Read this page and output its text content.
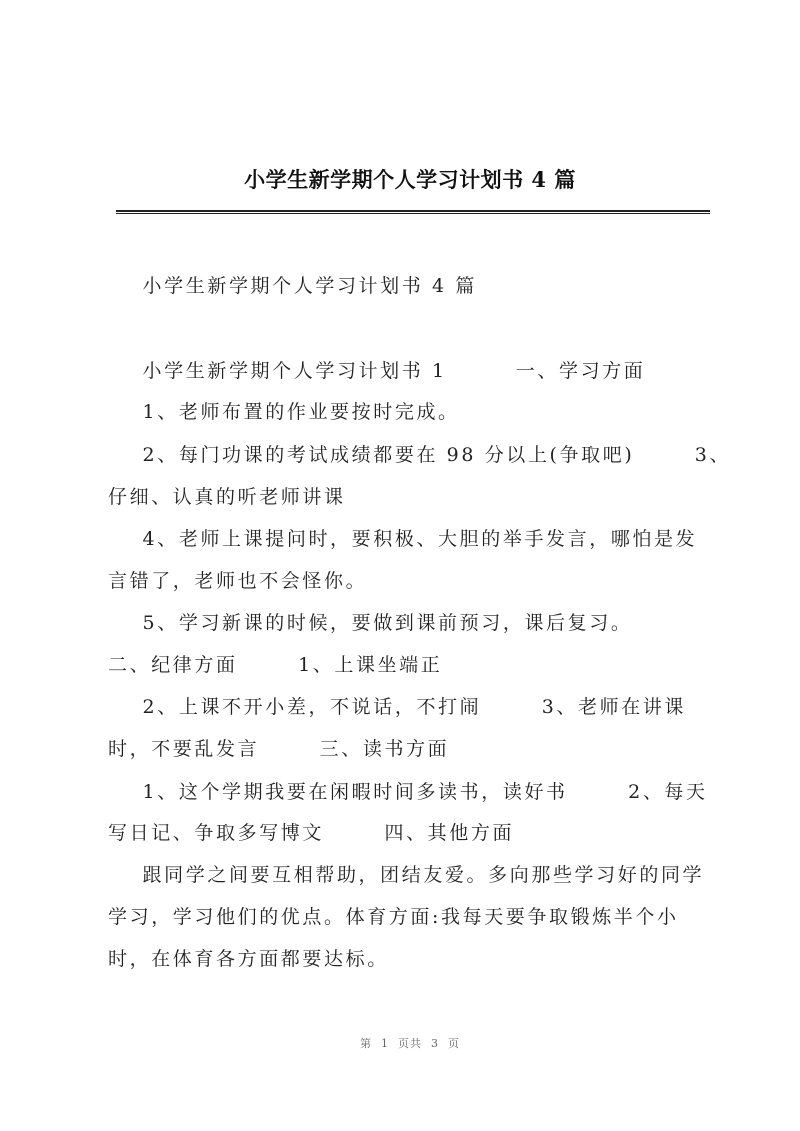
小学生新学期个人学习计划书 4 篇
小学生新学期个人学习计划书 4 篇
小学生新学期个人学习计划书 1        一、学习方面
1、老师布置的作业要按时完成。
2、每门功课的考试成绩都要在 98 分以上(争取吧)       3、
仔细、认真的听老师讲课
4、老师上课提问时，要积极、大胆的举手发言，哪怕是发
言错了，老师也不会怪你。
5、学习新课的时候，要做到课前预习，课后复习。
二、纪律方面       1、上课坐端正
2、上课不开小差，不说话，不打闹       3、老师在讲课
时，不要乱发言       三、读书方面
1、这个学期我要在闲暇时间多读书，读好书       2、每天
写日记、争取多写博文       四、其他方面
跟同学之间要互相帮助，团结友爱。多向那些学习好的同学
学习，学习他们的优点。体育方面:我每天要争取锻炼半个小
时，在体育各方面都要达标。
第  1  页共  3  页
